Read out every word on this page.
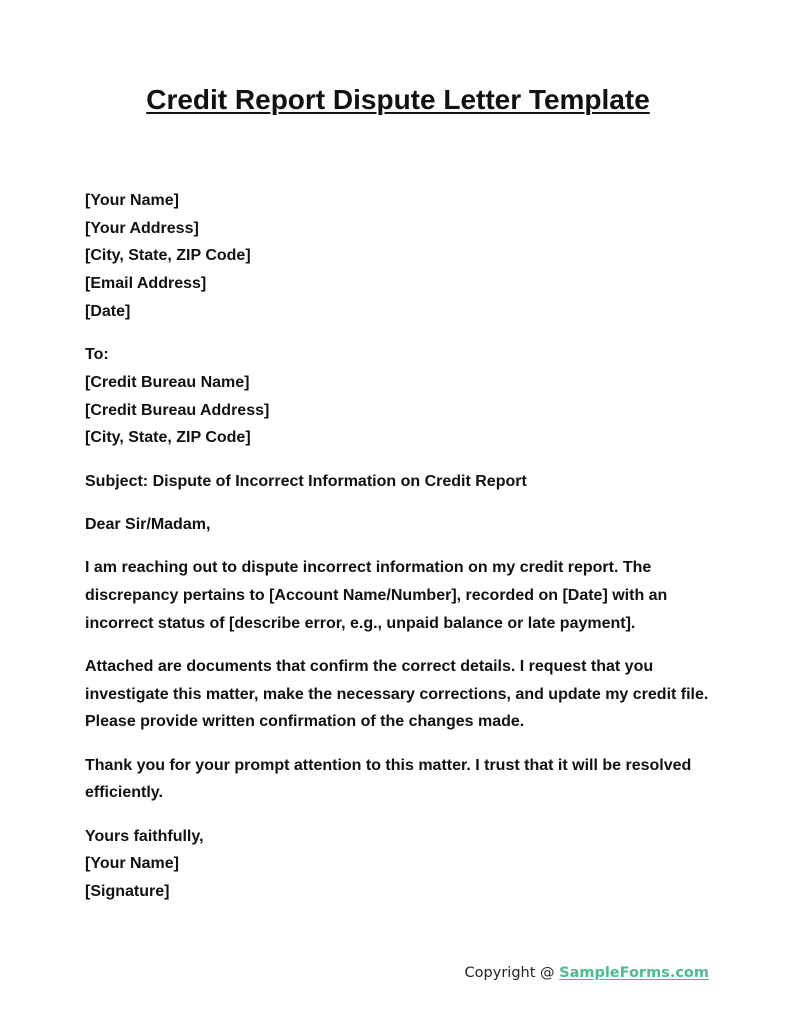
Credit Report Dispute Letter Template
[Your Name]
[Your Address]
[City, State, ZIP Code]
[Email Address]
[Date]
To:
[Credit Bureau Name]
[Credit Bureau Address]
[City, State, ZIP Code]
Subject: Dispute of Incorrect Information on Credit Report
Dear Sir/Madam,

I am reaching out to dispute incorrect information on my credit report. The discrepancy pertains to [Account Name/Number], recorded on [Date] with an incorrect status of [describe error, e.g., unpaid balance or late payment].

Attached are documents that confirm the correct details. I request that you investigate this matter, make the necessary corrections, and update my credit file. Please provide written confirmation of the changes made.

Thank you for your prompt attention to this matter. I trust that it will be resolved efficiently.

Yours faithfully,
[Your Name]
[Signature]
Copyright @ SampleForms.com
